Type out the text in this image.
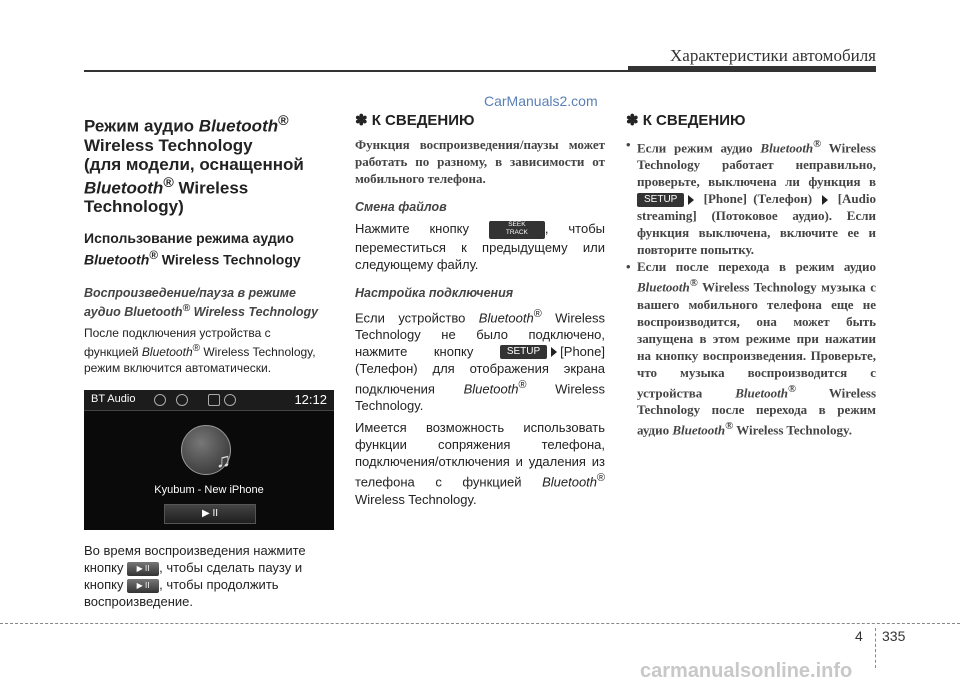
Характеристики автомобиля
CarManuals2.com
Режим аудио Bluetooth®
Wireless Technology
(для модели, оснащенной
Bluetooth® Wireless
Technology)
Использование режима аудио
Bluetooth® Wireless Technology
Воспроизведение/пауза в режиме
аудио Bluetooth® Wireless Technology
После подключения устройства с
функцией Bluetooth® Wireless Technology,
режим включится автоматически.
BT Audio	12:12
♫
Kyubum - New iPhone
▶ II
Во время воспроизведения нажмите
кнопку ▶ II , чтобы сделать паузу и
кнопку ▶ II , чтобы продолжить
воспроизведение.
✽ К СВЕДЕНИЮ
Функция воспроизведения/паузы может работать по разному, в зависимости от мобильного телефона.
Смена файлов
Нажмите кнопку	SEEK
TRACK , чтобы переместиться к предыдущему или следующему файлу.
Настройка подключения
Если устройство Bluetooth® Wireless Technology не было подключено, нажмите кнопку SETUP [Phone] (Телефон) для отображения экрана подключения Bluetooth® Wireless Technology.
Имеется возможность использовать функции сопряжения телефона, подключения/отключения и удаления из телефона с функцией Bluetooth® Wireless Technology.
✽ К СВЕДЕНИЮ
• Если режим аудио Bluetooth® Wireless Technology работает неправильно, проверьте, выключена ли функция в SETUP [Phone] (Телефон)  [Audio streaming] (Потоковое аудио). Если функция выключена, включите ее и повторите попытку.
• Если после перехода в режим аудио Bluetooth® Wireless Technology музыка с вашего мобильного телефона еще не воспроизводится, она может быть запущена в этом режиме при нажатии на кнопку воспроизведения. Проверьте, что музыка воспроизводится с устройства Bluetooth® Wireless Technology после перехода в режим аудио Bluetooth® Wireless Technology.
4 335
carmanualsonline.info
